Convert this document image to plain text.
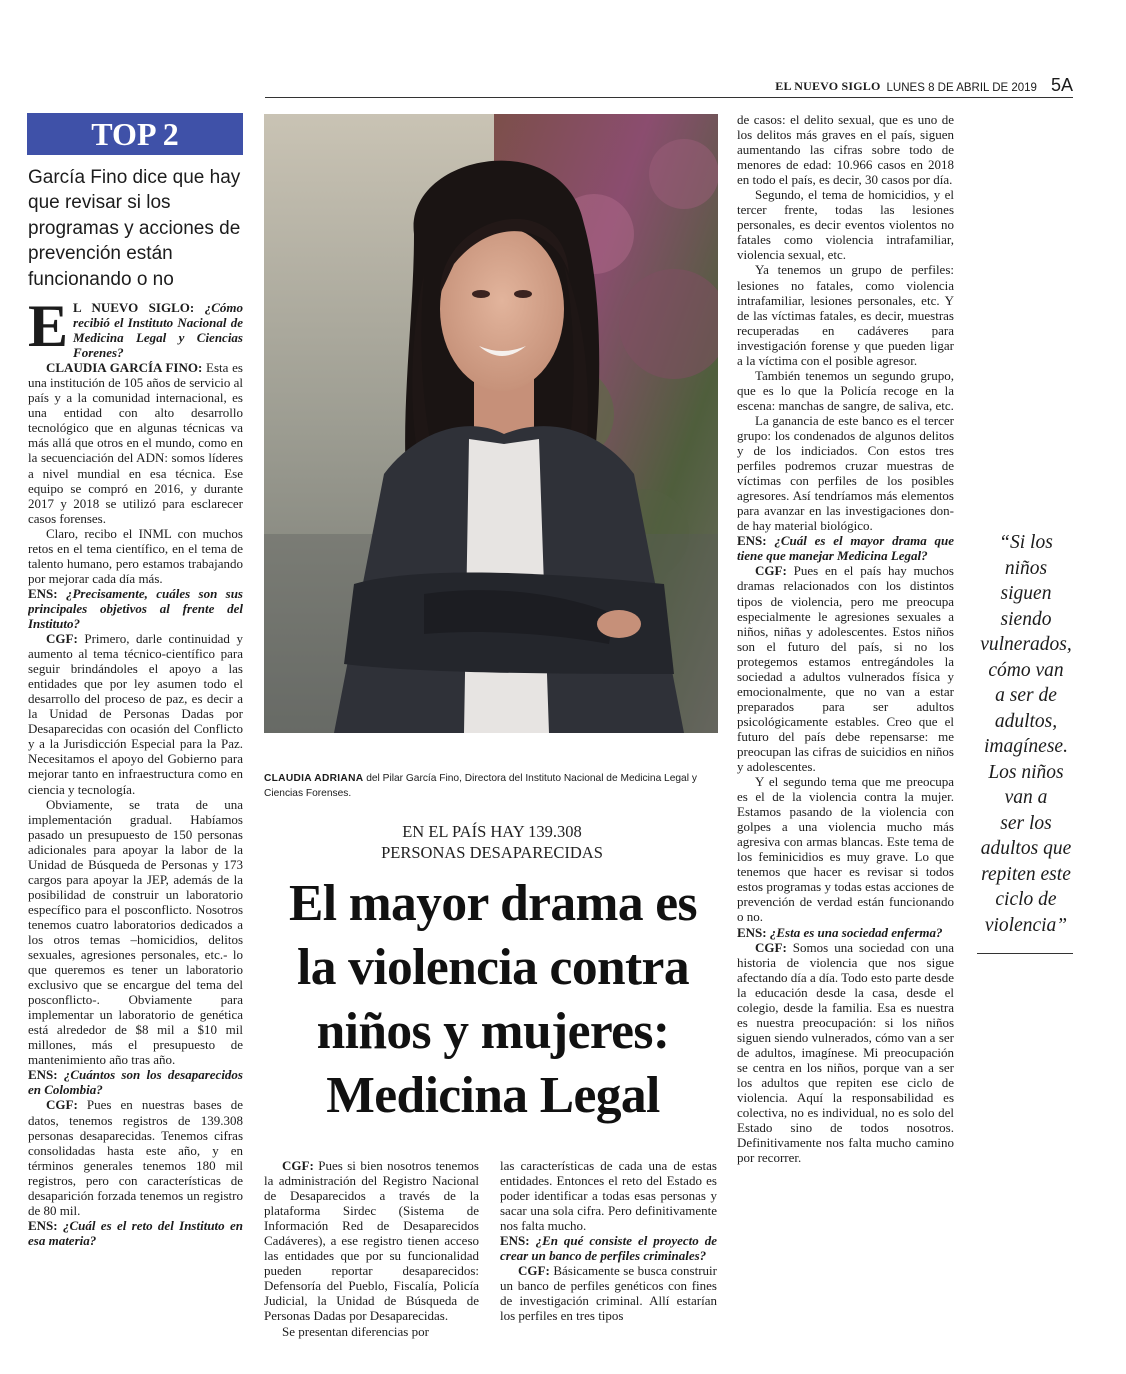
EL NUEVO SIGLO LUNES 8 DE ABRIL DE 2019 5A
TOP 2
García Fino dice que hay que revisar si los programas y acciones de prevención están funcionando o no

E L NUEVO SIGLO: ¿Cómo recibió el Instituto Nacional de Medicina Legal y Ciencias Forenes?

CLAUDIA GARCÍA FINO: Esta es una institución de 105 años de servicio al país y a la comunidad internacional, es una entidad con alto desarrollo tecnológico que en algunas técnicas va más allá que otros en el mundo, como en la secuenciación del ADN: somos líderes a nivel mundial en esa técnica. Ese equipo se compró en 2016, y durante 2017 y 2018 se utilizó para esclarecer casos forenses.

Claro, recibo el INML con muchos retos en el tema científico, en el tema de talento humano, pero estamos trabajando por mejorar cada día más.

ENS: ¿Precisamente, cuáles son sus principales objetivos al frente del Instituto?

CGF: Primero, darle continuidad y aumento al tema técnico-científico para seguir brindándoles el apoyo a las entidades que por ley asumen todo el desarrollo del proceso de paz, es decir a la Unidad de Personas Dadas por Desaparecidas con ocasión del Conflicto y a la Jurisdicción Especial para la Paz. Necesitamos el apoyo del Gobierno para mejorar tanto en infraestructura como en ciencia y tecnología.

Obviamente, se trata de una implementación gradual. Habíamos pasado un presupuesto de 150 personas adicionales para apoyar la labor de la Unidad de Búsqueda de Personas y 173 cargos para apoyar la JEP, además de la posibilidad de construir un laboratorio específico para el posconflicto. Nosotros tenemos cuatro laboratorios dedicados a los otros temas –homicidios, delitos sexuales, agresiones personales, etc.- lo que queremos es tener un laboratorio exclusivo que se encargue del tema del posconflicto-. Obviamente para implementar un laboratorio de genética está alrededor de $8 mil a $10 mil millones, más el presupuesto de mantenimiento año tras año.

ENS: ¿Cuántos son los desaparecidos en Colombia?

CGF: Pues en nuestras bases de datos, tenemos registros de 139.308 personas desaparecidas. Tenemos cifras consolidadas hasta este año, y en términos generales tenemos 180 mil registros, pero con características de desaparición forzada tenemos un registro de 80 mil.

ENS: ¿Cuál es el reto del Instituto en esa materia?

CLAUDIA ADRIANA del Pilar García Fino, Directora del Instituto Nacional de Medicina Legal y Ciencias Forenses.
EN EL PAÍS HAY 139.308
PERSONAS DESAPARECIDAS
El mayor drama es
la violencia contra
niños y mujeres:
Medicina Legal

CGF: Pues si bien nosotros tenemos la administración del Registro Nacional de Desaparecidos a través de la plataforma Sirdec (Sistema de Información Red de Desaparecidos Cadáveres), a ese registro tienen acceso las entidades que por su funcionalidad pueden reportar desaparecidos: Defensoría del Pueblo, Fiscalía, Policía Judicial, la Unidad de Búsqueda de Personas Dadas por Desaparecidas.

Se presentan diferencias por

las características de cada una de estas entidades. Entonces el reto del Estado es poder identificar a todas esas personas y sacar una sola cifra. Pero definitivamente nos falta mucho.

ENS: ¿En qué consiste el proyecto de crear un banco de perfiles criminales?

CGF: Básicamente se busca construir un banco de perfiles genéticos con fines de investigación criminal. Allí estarían los perfiles en tres tipos

de casos: el delito sexual, que es uno de los delitos más graves en el país, siguen aumentando las cifras sobre todo de menores de edad: 10.966 casos en 2018 en todo el país, es decir, 30 casos por día.

Segundo, el tema de homicidios, y el tercer frente, todas las lesiones personales, es decir eventos violentos no fatales como violencia intrafamiliar, violencia sexual, etc.

Ya tenemos un grupo de perfiles: lesiones no fatales, como violencia intrafamiliar, lesiones personales, etc. Y de las víctimas fatales, es decir, muestras recuperadas en cadáveres para investigación forense y que pueden ligar a la víctima con el posible agresor.

También tenemos un segundo grupo, que es lo que la Policía recoge en la escena: manchas de sangre, de saliva, etc.

La ganancia de este banco es el tercer grupo: los condenados de algunos delitos y de los indiciados. Con estos tres perfiles podremos cruzar muestras de víctimas con perfiles de los posibles agresores. Así tendríamos más elementos para avanzar en las investigaciones donde hay material biológico.

ENS: ¿Cuál es el mayor drama que tiene que manejar Medicina Legal?

CGF: Pues en el país hay muchos dramas relacionados con los distintos tipos de violencia, pero me preocupa especialmente le agresiones sexuales a niños, niñas y adolescentes. Estos niños son el futuro del país, si no los protegemos estamos entregándoles la sociedad a adultos vulnerados física y emocionalmente, que no van a estar preparados para ser adultos psicológicamente estables. Creo que el futuro del país debe repensarse: me preocupan las cifras de suicidios en niños y adolescentes.

Y el segundo tema que me preocupa es el de la violencia contra la mujer. Estamos pasando de la violencia con golpes a una violencia mucho más agresiva con armas blancas. Este tema de los feminicidios es muy grave. Lo que tenemos que hacer es revisar si todos estos programas y todas estas acciones de prevención de verdad están funcionando o no.

ENS: ¿Esta es una sociedad enferma?

CGF: Somos una sociedad con una historia de violencia que nos sigue afectando día a día. Todo esto parte desde la educación desde la casa, desde el colegio, desde la familia. Esa es nuestra es nuestra preocupación: si los niños siguen siendo vulnerados, cómo van a ser de adultos, imagínese. Mi preocupación se centra en los niños, porque van a ser los adultos que repiten ese ciclo de violencia. Aquí la responsabilidad es colectiva, no es individual, no es solo del Estado sino de todos nosotros. Definitivamente nos falta mucho camino por recorrer.

“Si los
niños
siguen
siendo
vulnerados,
cómo van
a ser de
adultos,
imagínese.
Los niños
van a
ser los
adultos que
repiten este
ciclo de
violencia”
